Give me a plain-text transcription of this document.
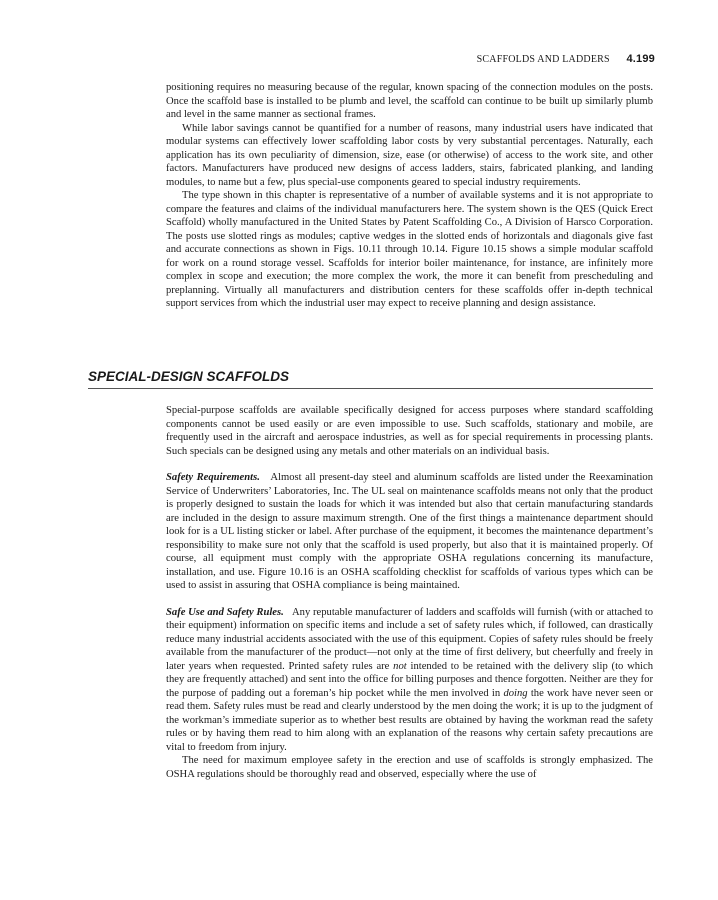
SCAFFOLDS AND LADDERS 4.199

positioning requires no measuring because of the regular, known spacing of the connection modules on the posts. Once the scaffold base is installed to be plumb and level, the scaffold can continue to be built up similarly plumb and level in the same manner as sectional frames.

While labor savings cannot be quantified for a number of reasons, many industrial users have indicated that modular systems can effectively lower scaffolding labor costs by very substantial percentages. Naturally, each application has its own peculiarity of dimension, size, ease (or otherwise) of access to the work site, and other factors. Manufacturers have produced new designs of access ladders, stairs, fabricated planking, and landing modules, to name but a few, plus special-use components geared to special industry requirements.

The type shown in this chapter is representative of a number of available systems and it is not appropriate to compare the features and claims of the individual manufacturers here. The system shown is the QES (Quick Erect Scaffold) wholly manufactured in the United States by Patent Scaffolding Co., A Division of Harsco Corporation. The posts use slotted rings as modules; captive wedges in the slotted ends of horizontals and diagonals give fast and accurate connections as shown in Figs. 10.11 through 10.14. Figure 10.15 shows a simple modular scaffold for work on a round storage vessel. Scaffolds for interior boiler maintenance, for instance, are infinitely more complex in scope and execution; the more complex the work, the more it can benefit from prescheduling and preplanning. Virtually all manufacturers and distribution centers for these scaffolds offer in-depth technical support services from which the industrial user may expect to receive planning and design assistance.

SPECIAL-DESIGN SCAFFOLDS

Special-purpose scaffolds are available specifically designed for access purposes where standard scaffolding components cannot be used easily or are even impossible to use. Such scaffolds, stationary and mobile, are frequently used in the aircraft and aerospace industries, as well as for special requirements in processing plants. Such specials can be designed using any metals and other materials on an individual basis.

Safety Requirements. Almost all present-day steel and aluminum scaffolds are listed under the Reexamination Service of Underwriters’ Laboratories, Inc. The UL seal on maintenance scaffolds means not only that the product is properly designed to sustain the loads for which it was intended but also that certain manufacturing standards are included in the design to assure maximum strength. One of the first things a maintenance department should look for is a UL listing sticker or label. After purchase of the equipment, it becomes the maintenance department’s responsibility to make sure not only that the scaffold is used properly, but also that it is maintained properly. Of course, all equipment must comply with the appropriate OSHA regulations concerning its manufacture, installation, and use. Figure 10.16 is an OSHA scaffolding checklist for scaffolds of various types which can be used to assist in assuring that OSHA compliance is being maintained.

Safe Use and Safety Rules. Any reputable manufacturer of ladders and scaffolds will furnish (with or attached to their equipment) information on specific items and include a set of safety rules which, if followed, can drastically reduce many industrial accidents associated with the use of this equipment. Copies of safety rules should be freely available from the manufacturer of the product—not only at the time of first delivery, but cheerfully and freely in later years when requested. Printed safety rules are not intended to be retained with the delivery slip (to which they are frequently attached) and sent into the office for billing purposes and thence forgotten. Neither are they for the purpose of padding out a foreman’s hip pocket while the men involved in doing the work have never seen or read them. Safety rules must be read and clearly understood by the men doing the work; it is up to the judgment of the workman’s immediate superior as to whether best results are obtained by having the workman read the safety rules or by having them read to him along with an explanation of the reasons why certain safety precautions are vital to freedom from injury.

The need for maximum employee safety in the erection and use of scaffolds is strongly emphasized. The OSHA regulations should be thoroughly read and observed, especially where the use of
